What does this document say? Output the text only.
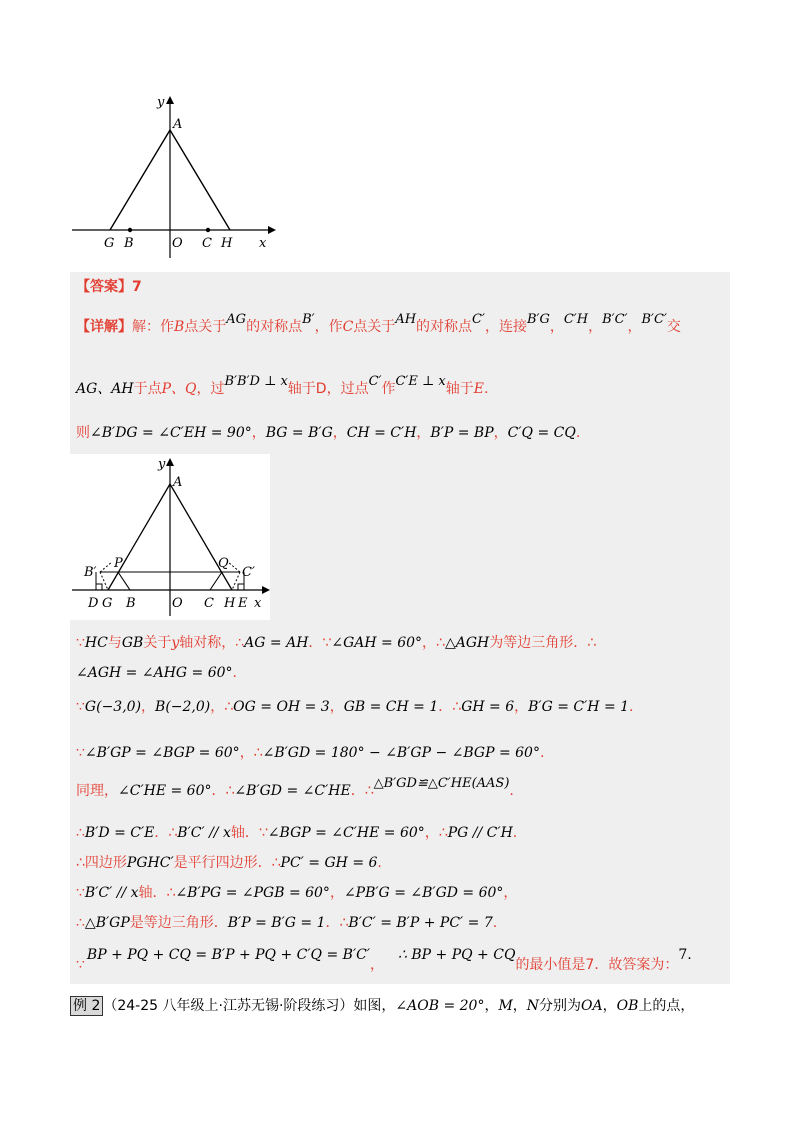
y
A
G B	O C H x
【答案】7
【详解】解：作B点关于AG的对称点B′，作C点关于AH的对称点C′，连接B′G，C′H，B′C′，B′C′交
AG、AH于点P、Q，过B′B′D ⊥ x轴于D，过点C′作C′E ⊥ x轴于E.
则∠B′DG = ∠C′EH = 90°，BG = B′G，CH = C′H，B′P = BP，C′Q = CQ.
y
A
P	Q
B′	C′
D G B	O C H E x
∵HC与GB关于y轴对称，∴AG = AH．∵∠GAH = 60°，∴△AGH为等边三角形．∴
∠AGH = ∠AHG = 60°.
∵G(−3,0)，B(−2,0)，∴OG = OH = 3，GB = CH = 1．∴GH = 6，B′G = C′H = 1.
∵∠B′GP = ∠BGP = 60°，∴∠B′GD = 180° − ∠B′GP − ∠BGP = 60°.
同理，∠C′HE = 60°．∴∠B′GD = ∠C′HE．∴△B′GD≌△C′HE(AAS).
∴B′D = C′E．∴B′C′ // x轴．∵∠BGP = ∠C′HE = 60°，∴PG // C′H.
∴四边形PGHC′是平行四边形．∴PC′ = GH = 6.
∵B′C′ // x轴．∴∠B′PG = ∠PGB = 60°，∠PB′G = ∠B′GD = 60°，
∴△B′GP是等边三角形．B′P = B′G = 1．∴B′C′ = B′P + PC′ = 7.
∵BP + PQ + CQ = B′P + PQ + C′Q = B′C′，∴ BP + PQ + CQ的最小值是7．故答案为：7.
例 2 （24-25 八年级上·江苏无锡·阶段练习）如图，∠AOB = 20°，M，N分别为OA，OB上的点，
